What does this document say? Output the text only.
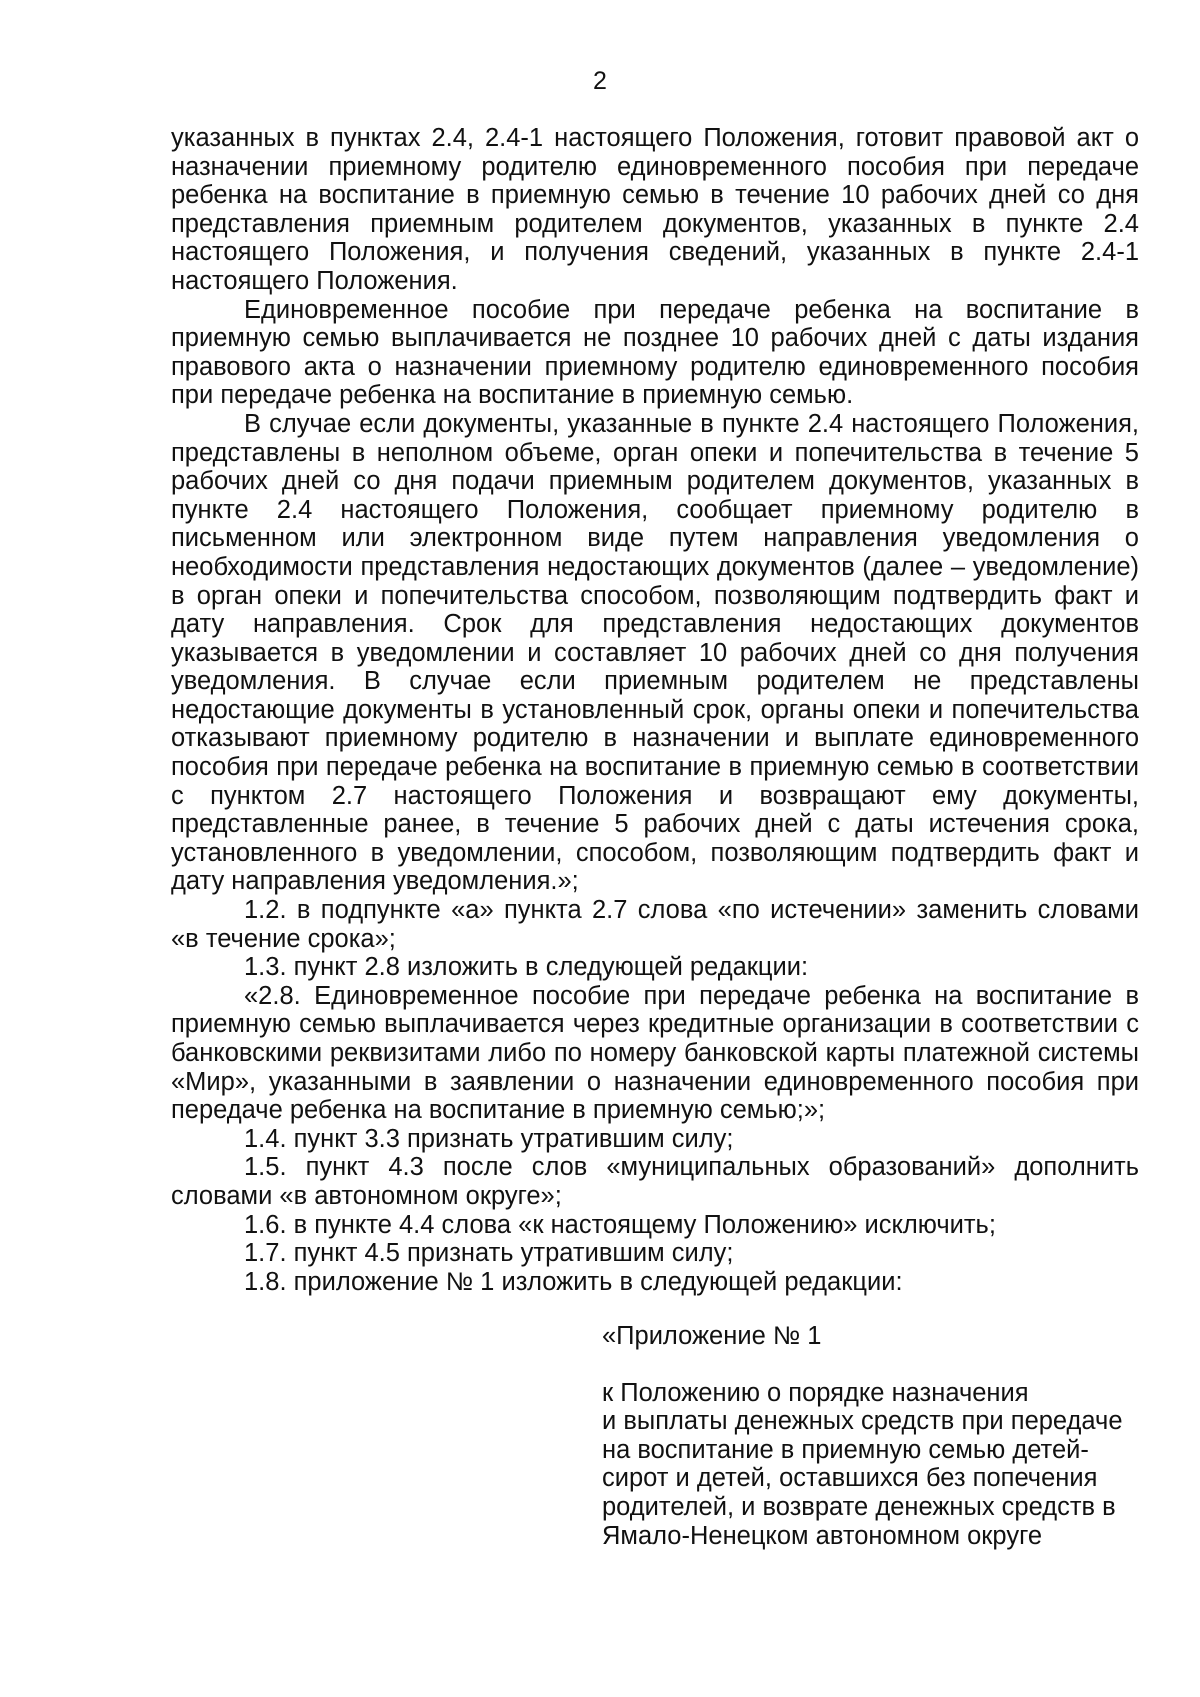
2

указанных в пунктах 2.4, 2.4-1 настоящего Положения, готовит правовой акт о назначении приемному родителю единовременного пособия при передаче ребенка на воспитание в приемную семью в течение 10 рабочих дней со дня представления приемным родителем документов, указанных в пункте 2.4 настоящего Положения, и получения сведений, указанных в пункте 2.4-1 настоящего Положения.

Единовременное пособие при передаче ребенка на воспитание в приемную семью выплачивается не позднее 10 рабочих дней с даты издания правового акта о назначении приемному родителю единовременного пособия при передаче ребенка на воспитание в приемную семью.

В случае если документы, указанные в пункте 2.4 настоящего Положения, представлены в неполном объеме, орган опеки и попечительства в течение 5 рабочих дней со дня подачи приемным родителем документов, указанных в пункте 2.4 настоящего Положения, сообщает приемному родителю в письменном или электронном виде путем направления уведомления о необходимости представления недостающих документов (далее – уведомление) в орган опеки и попечительства способом, позволяющим подтвердить факт и дату направления. Срок для представления недостающих документов указывается в уведомлении и составляет 10 рабочих дней со дня получения уведомления. В случае если приемным родителем не представлены недостающие документы в установленный срок, органы опеки и попечительства отказывают приемному родителю в назначении и выплате единовременного пособия при передаче ребенка на воспитание в приемную семью в соответствии с пунктом 2.7 настоящего Положения и возвращают ему документы, представленные ранее, в течение 5 рабочих дней с даты истечения срока, установленного в уведомлении, способом, позволяющим подтвердить факт и дату направления уведомления.»;

1.2. в подпункте «а» пункта 2.7 слова «по истечении» заменить словами «в течение срока»;

1.3. пункт 2.8 изложить в следующей редакции:

«2.8. Единовременное пособие при передаче ребенка на воспитание в приемную семью выплачивается через кредитные организации в соответствии с банковскими реквизитами либо по номеру банковской карты платежной системы «Мир», указанными в заявлении о назначении единовременного пособия при передаче ребенка на воспитание в приемную семью;»;

1.4. пункт 3.3 признать утратившим силу;

1.5. пункт 4.3 после слов «муниципальных образований» дополнить словами «в автономном округе»;

1.6. в пункте 4.4 слова «к настоящему Положению» исключить;

1.7. пункт 4.5 признать утратившим силу;

1.8. приложение № 1 изложить в следующей редакции:

«Приложение № 1

к Положению о порядке назначения
и выплаты денежных средств при передаче
на воспитание в приемную семью детей-
сирот и детей, оставшихся без попечения
родителей, и возврате денежных средств в
Ямало-Ненецком автономном округе
